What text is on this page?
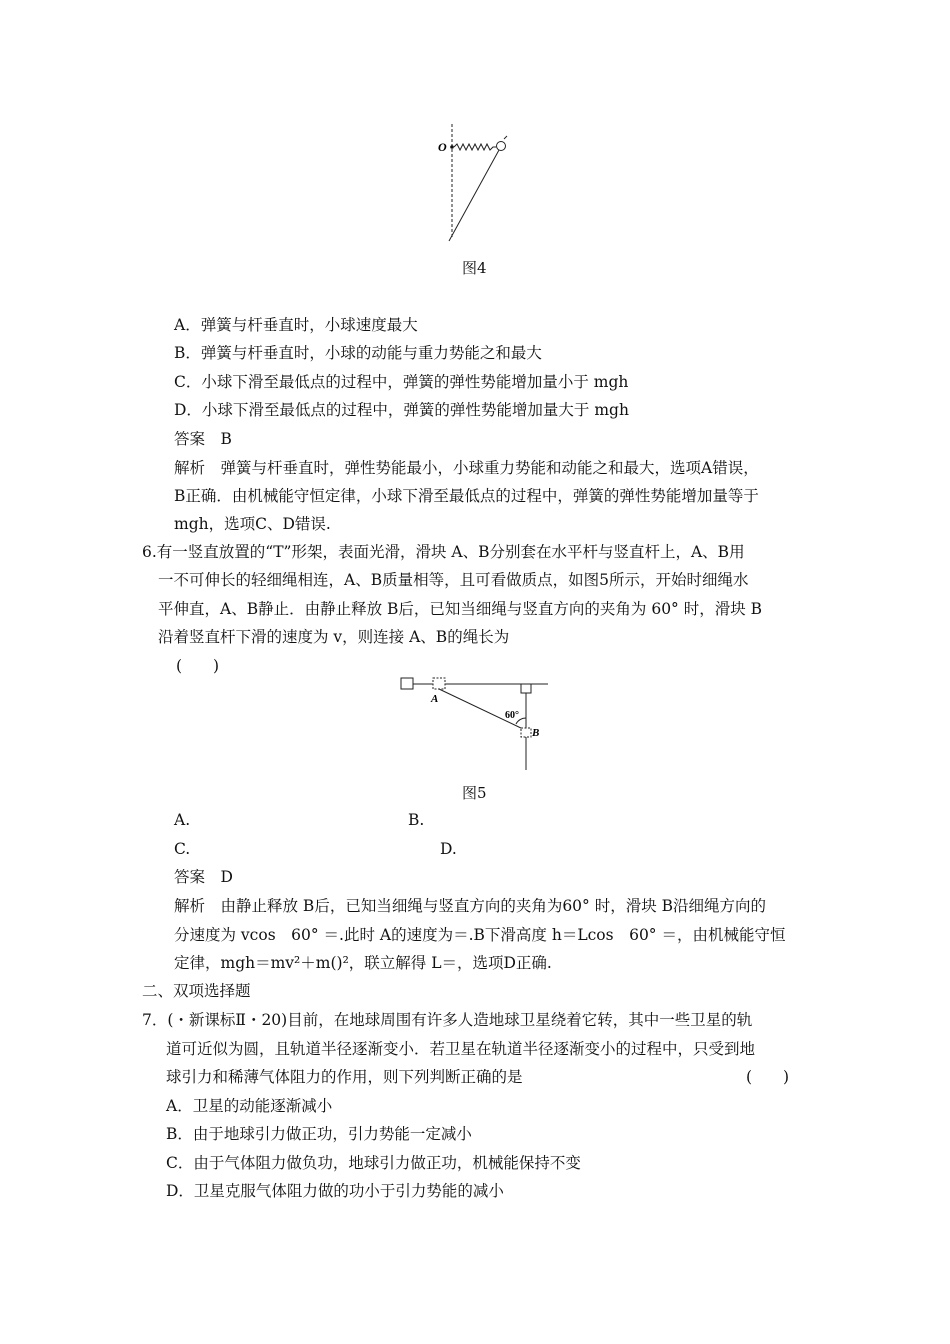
O
图4
A．弹簧与杆垂直时，小球速度最大
B．弹簧与杆垂直时，小球的动能与重力势能之和最大
C．小球下滑至最低点的过程中，弹簧的弹性势能增加量小于 mgh
D．小球下滑至最低点的过程中，弹簧的弹性势能增加量大于 mgh
答案　B
解析　弹簧与杆垂直时，弹性势能最小，小球重力势能和动能之和最大，选项A错误，
B正确．由机械能守恒定律，小球下滑至最低点的过程中，弹簧的弹性势能增加量等于
mgh，选项C、D错误.
6.有一竖直放置的“T”形架，表面光滑，滑块 A、B分别套在水平杆与竖直杆上，A、B用
一不可伸长的轻细绳相连，A、B质量相等，且可看做质点，如图5所示，开始时细绳水
平伸直，A、B静止．由静止释放 B后，已知当细绳与竖直方向的夹角为 60° 时，滑块 B
沿着竖直杆下滑的速度为 v，则连接 A、B的绳长为
(　　)
A
B
60°
图5
A.	B.
C.	D.
答案　D
解析　由静止释放 B后，已知当细绳与竖直方向的夹角为60° 时，滑块 B沿细绳方向的
分速度为 vcos　60° ＝.此时 A的速度为＝.B下滑高度 h＝Lcos　60° ＝，由机械能守恒
定律，mgh＝mv²＋m()²，联立解得 L＝，选项D正确.
二、双项选择题
7．(・新课标Ⅱ・20)目前，在地球周围有许多人造地球卫星绕着它转，其中一些卫星的轨
道可近似为圆，且轨道半径逐渐变小．若卫星在轨道半径逐渐变小的过程中，只受到地
球引力和稀薄气体阻力的作用，则下列判断正确的是	(　　)
A．卫星的动能逐渐减小
B．由于地球引力做正功，引力势能一定减小
C．由于气体阻力做负功，地球引力做正功，机械能保持不变
D．卫星克服气体阻力做的功小于引力势能的减小
